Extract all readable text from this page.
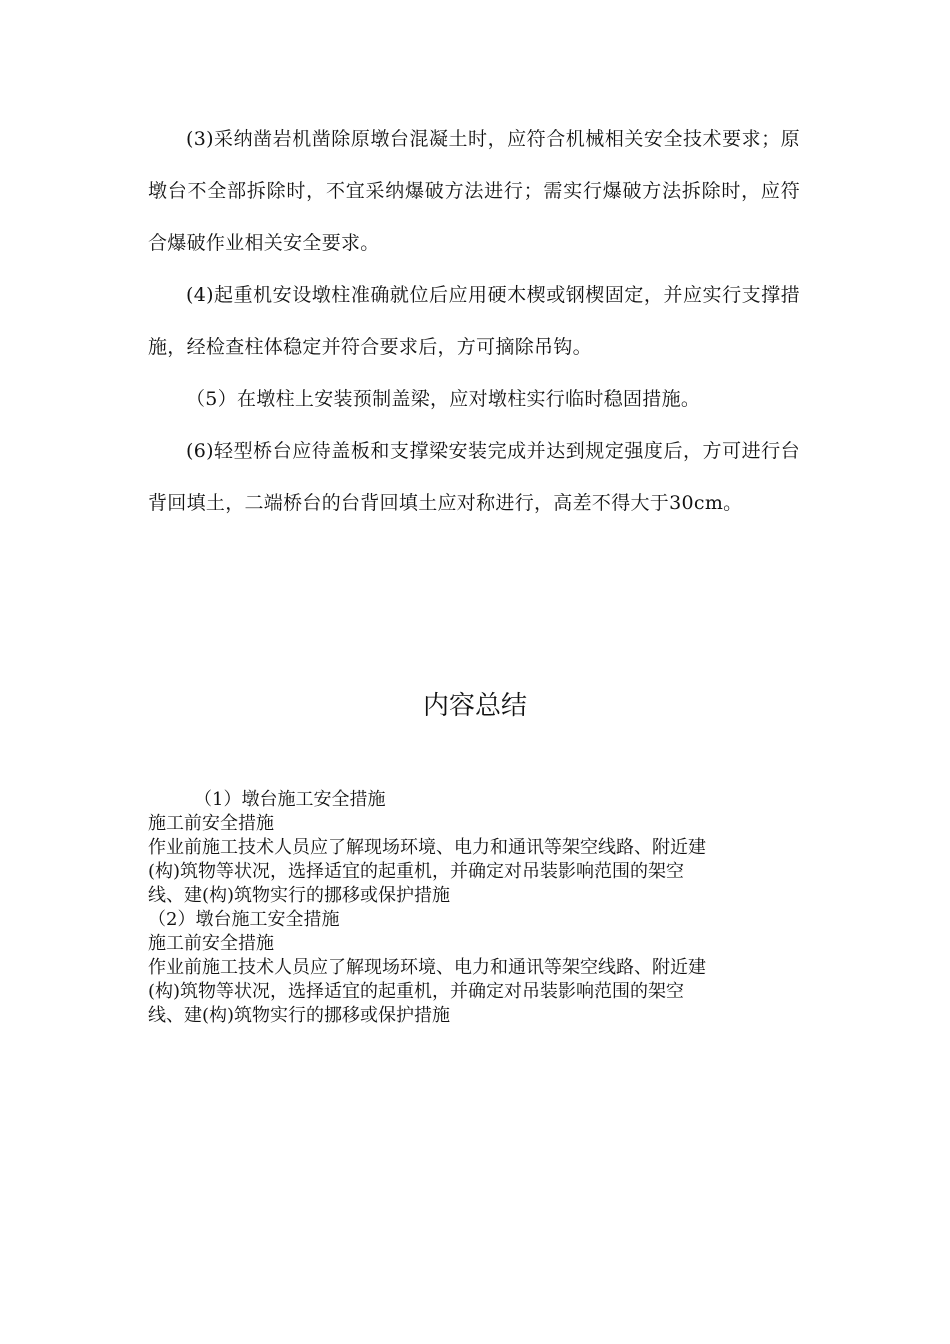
(3)采纳凿岩机凿除原墩台混凝土时，应符合机械相关安全技术要求；原墩台不全部拆除时，不宜采纳爆破方法进行；需实行爆破方法拆除时，应符合爆破作业相关安全要求。

(4)起重机安设墩柱准确就位后应用硬木楔或钢楔固定，并应实行支撑措施，经检查柱体稳定并符合要求后，方可摘除吊钩。

（5）在墩柱上安装预制盖梁，应对墩柱实行临时稳固措施。

(6)轻型桥台应待盖板和支撑梁安装完成并达到规定强度后，方可进行台背回填土，二端桥台的台背回填土应对称进行，高差不得大于30cm。

内容总结
（1）墩台施工安全措施
施工前安全措施
作业前施工技术人员应了解现场环境、电力和通讯等架空线路、附近建
(构)筑物等状况，选择适宜的起重机，并确定对吊装影响范围的架空
线、建(构)筑物实行的挪移或保护措施
（2）墩台施工安全措施
施工前安全措施
作业前施工技术人员应了解现场环境、电力和通讯等架空线路、附近建
(构)筑物等状况，选择适宜的起重机，并确定对吊装影响范围的架空
线、建(构)筑物实行的挪移或保护措施
